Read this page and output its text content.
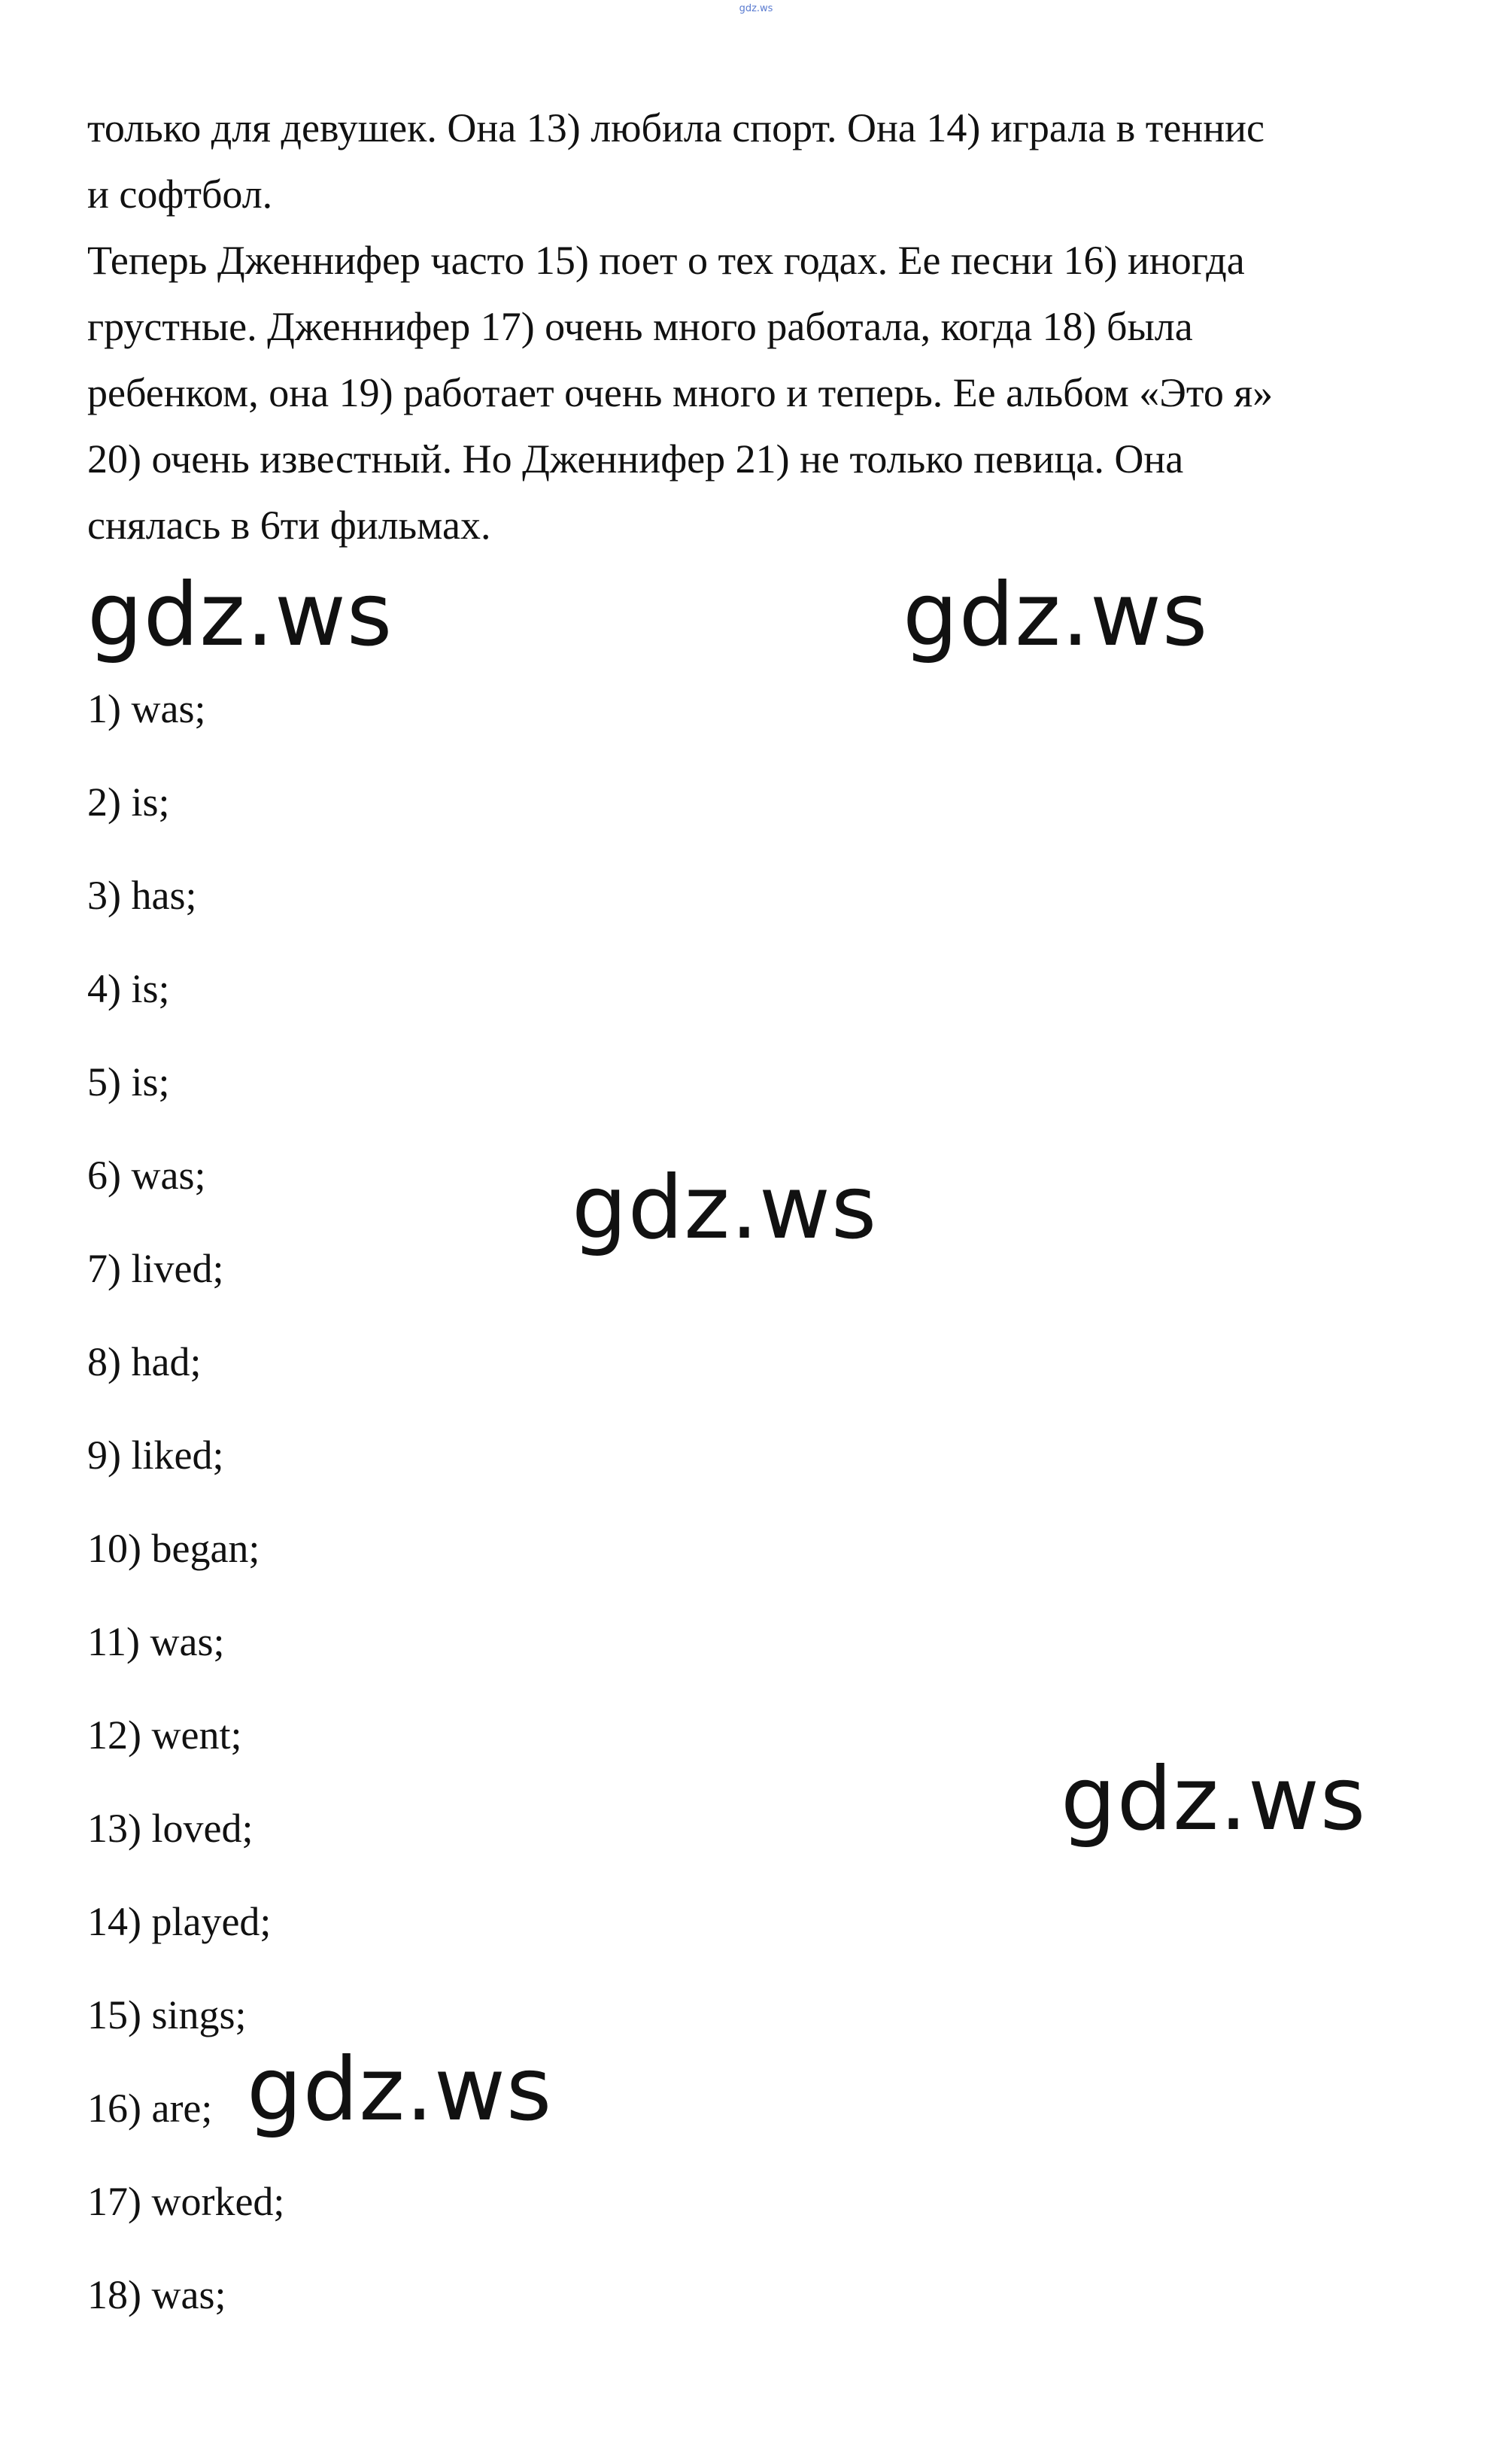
gdz.ws
только для девушек. Она 13) любила спорт. Она 14) играла в теннис
и софтбол.
Теперь Дженнифер часто 15) поет о тех годах. Ее песни 16) иногда
грустные. Дженнифер 17) очень много работала, когда 18) была
ребенком, она 19) работает очень много и теперь. Ее альбом «Это я»
20) очень известный. Но Дженнифер 21) не только певица. Она
снялась в 6ти фильмах.
1) was;
2) is;
3) has;
4) is;
5) is;
6) was;
7) lived;
8) had;
9) liked;
10) began;
11) was;
12) went;
13) loved;
14) played;
15) sings;
16) are;
17) worked;
18) was;
gdz.ws	gdz.ws
gdz.ws
gdz.ws
gdz.ws
